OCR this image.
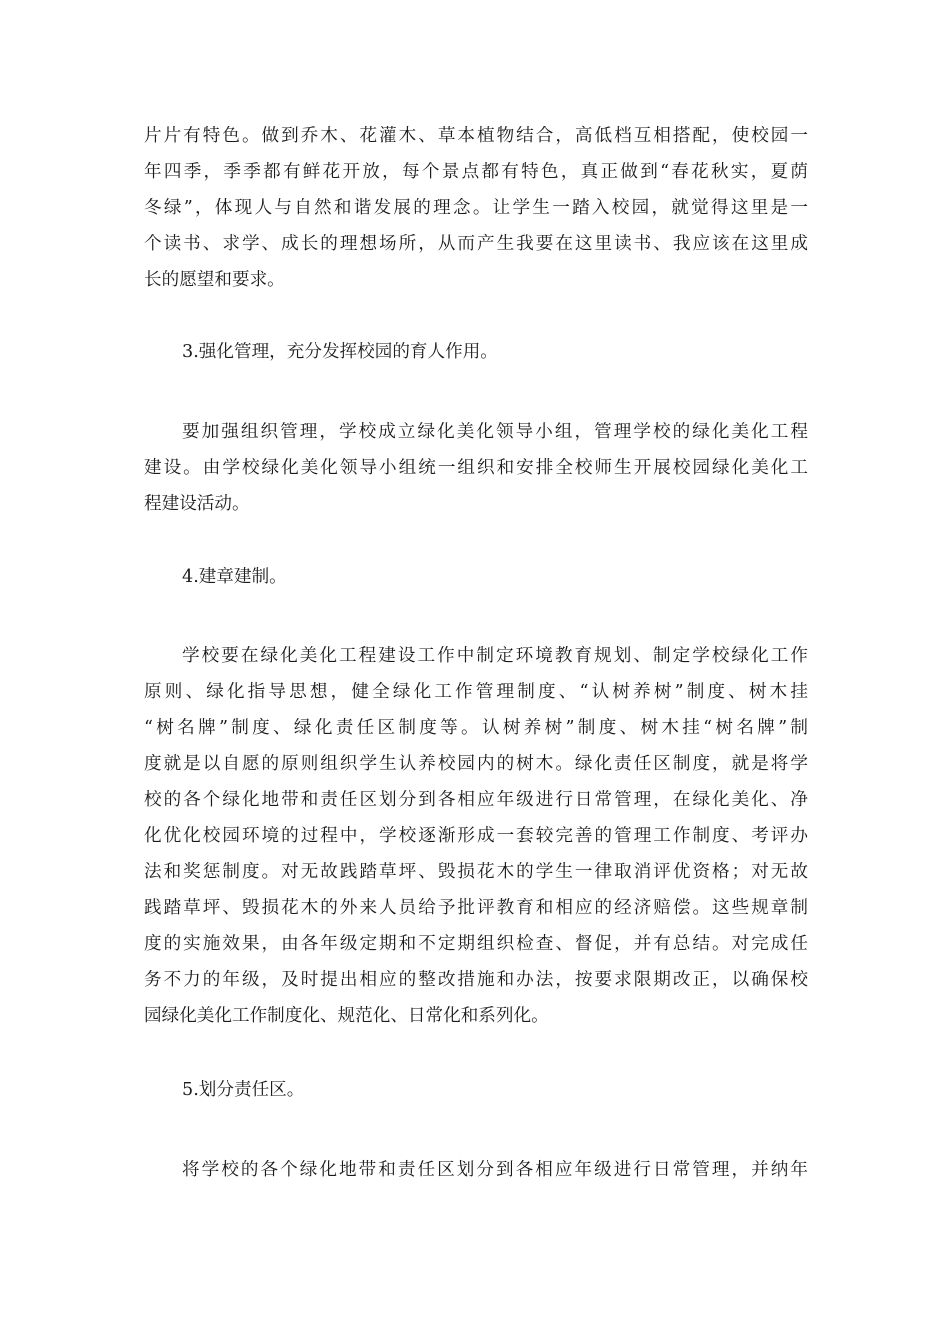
片片有特色。做到乔木、花灌木、草本植物结合，高低档互相搭配，使校园一
年四季，季季都有鲜花开放，每个景点都有特色，真正做到“春花秋实，夏荫
冬绿”，体现人与自然和谐发展的理念。让学生一踏入校园，就觉得这里是一
个读书、求学、成长的理想场所，从而产生我要在这里读书、我应该在这里成
长的愿望和要求。
3.强化管理，充分发挥校园的育人作用。
要加强组织管理，学校成立绿化美化领导小组，管理学校的绿化美化工程
建设。由学校绿化美化领导小组统一组织和安排全校师生开展校园绿化美化工
程建设活动。
4.建章建制。
学校要在绿化美化工程建设工作中制定环境教育规划、制定学校绿化工作
原则、绿化指导思想，健全绿化工作管理制度、“认树养树”制度、树木挂
“树名牌”制度、绿化责任区制度等。认树养树”制度、树木挂“树名牌”制
度就是以自愿的原则组织学生认养校园内的树木。绿化责任区制度，就是将学
校的各个绿化地带和责任区划分到各相应年级进行日常管理，在绿化美化、净
化优化校园环境的过程中，学校逐渐形成一套较完善的管理工作制度、考评办
法和奖惩制度。对无故践踏草坪、毁损花木的学生一律取消评优资格；对无故
践踏草坪、毁损花木的外来人员给予批评教育和相应的经济赔偿。这些规章制
度的实施效果，由各年级定期和不定期组织检查、督促，并有总结。对完成任
务不力的年级，及时提出相应的整改措施和办法，按要求限期改正，以确保校
园绿化美化工作制度化、规范化、日常化和系列化。
5.划分责任区。
将学校的各个绿化地带和责任区划分到各相应年级进行日常管理，并纳年
